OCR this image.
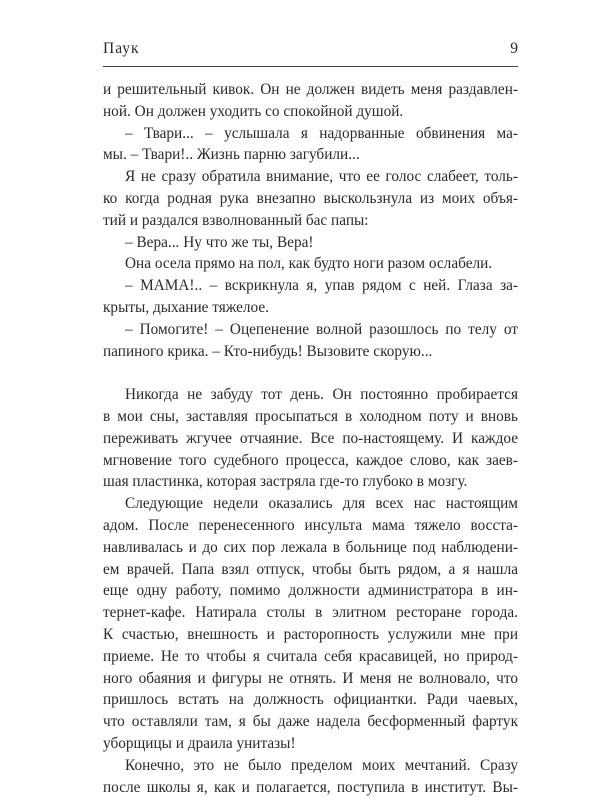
Паук	9
и решительный кивок. Он не должен видеть меня раздавлен-
ной. Он должен уходить со спокойной душой.
– Твари... – услышала я надорванные обвинения ма-
мы. – Твари!.. Жизнь парню загубили...
Я не сразу обратила внимание, что ее голос слабеет, толь-
ко когда родная рука внезапно выскользнула из моих объя-
тий и раздался взволнованный бас папы:
– Вера... Ну что же ты, Вера!
Она осела прямо на пол, как будто ноги разом ослабели.
– МАМА!.. – вскрикнула я, упав рядом с ней. Глаза за-
крыты, дыхание тяжелое.
– Помогите! – Оцепенение волной разошлось по телу от
папиного крика. – Кто-нибудь! Вызовите скорую...
Никогда не забуду тот день. Он постоянно пробирается
в мои сны, заставляя просыпаться в холодном поту и вновь
переживать жгучее отчаяние. Все по-настоящему. И каждое
мгновение того судебного процесса, каждое слово, как заев-
шая пластинка, которая застряла где-то глубоко в мозгу.
Следующие недели оказались для всех нас настоящим
адом. После перенесенного инсульта мама тяжело восста-
навливалась и до сих пор лежала в больнице под наблюдени-
ем врачей. Папа взял отпуск, чтобы быть рядом, а я нашла
еще одну работу, помимо должности администратора в ин-
тернет-кафе. Натирала столы в элитном ресторане города.
К счастью, внешность и расторопность услужили мне при
приеме. Не то чтобы я считала себя красавицей, но природ-
ного обаяния и фигуры не отнять. И меня не волновало, что
пришлось встать на должность официантки. Ради чаевых,
что оставляли там, я бы даже надела бесформенный фартук
уборщицы и драила унитазы!
Конечно, это не было пределом моих мечтаний. Сразу
после школы я, как и полагается, поступила в институт. Вы-
